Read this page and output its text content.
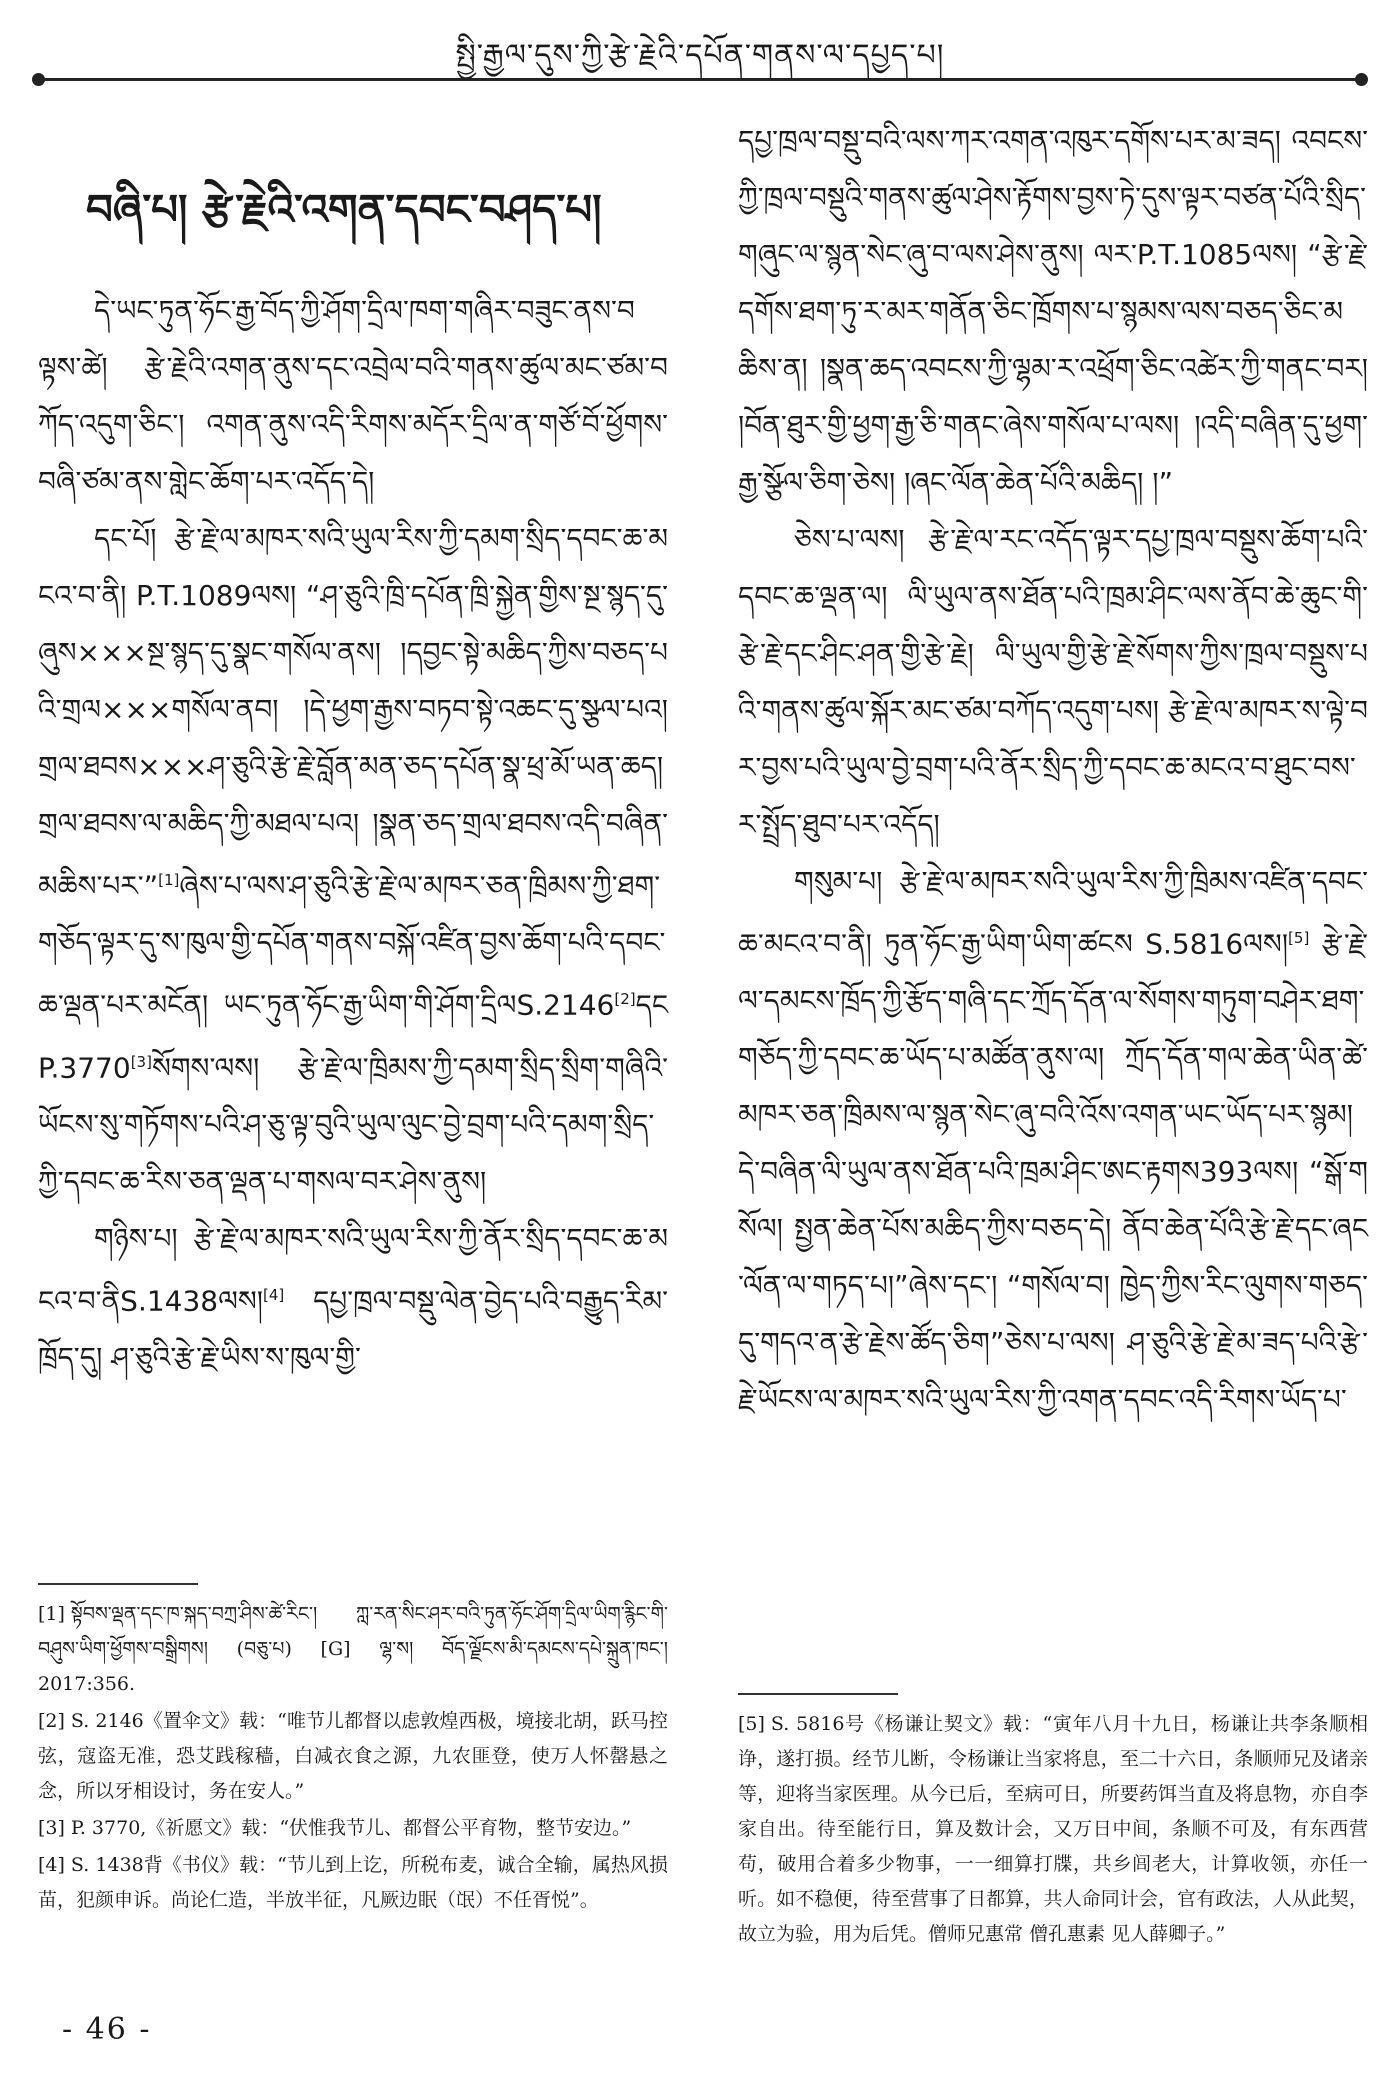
སྤྱི་རྒྱལ་དུས་ཀྱི་རྩེ་རྗེའི་དཔོན་གནས་ལ་དཔྱད་པ།
བཞི་པ། རྩེ་རྗེའི་འགན་དབང་བཤད་པ།

དེ་ཡང་ཏུན་ཧོང་རྒྱ་བོད་ཀྱི་ཤོག་དྲིལ་ཁག་གཞིར་བཟུང་ནས་བལྟས་ཚེ། རྩེ་རྗེའི་འགན་ནུས་དང་འབྲེལ་བའི་གནས་ཚུལ་མང་ཙམ་བཀོད་འདུག་ཅིང་། འགན་ནུས་འདི་རིགས་མདོར་དྲིལ་ན་གཙོ་བོ་ཕྱོགས་བཞི་ཙམ་ནས་གླེང་ཆོག་པར་འདོད་དེ།

དང་པོ། རྩེ་རྗེ་ལ་མཁར་སའི་ཡུལ་རིས་ཀྱི་དམག་སྲིད་དབང་ཆ་མངའ་བ་ནི། P.T.1089ལས། “ཤ་ཅུའི་ཁྲི་དཔོན་ཁྲི་སྐྱེན་གྱིས་སྔ་སྙད་དུ་ཞུས×××སྔ་སྙད་དུ་སྣང་གསོལ་ནས། །དབྱང་སྟེ་མཆིད་ཀྱིས་བཅད་པའི་གྲལ×××གསོལ་ནབ། །དེ་ཕྱག་རྒྱས་བཏབ་སྟེ་འཆང་དུ་སྩལ་པའ། གྲལ་ཐབས×××ཤ་ཅུའི་རྩེ་རྗེ་བློན་མན་ཅད་དཔོན་སྣ་ཕྲ་མོ་ཡན་ཆད། གྲལ་ཐབས་ལ་མཆིད་ཀྱི་མཐལ་པའ། །སྣན་ཅད་གྲལ་ཐབས་འདི་བཞིན་མཆིས་པར་”[1]ཞེས་པ་ལས་ཤ་ཅུའི་རྩེ་རྗེ་ལ་མཁར་ཅན་ཁྲིམས་ཀྱི་ཐག་གཅོད་ལྟར་དུ་ས་ཁུལ་གྱི་དཔོན་གནས་བསྐོ་འཛིན་བྱས་ཆོག་པའི་དབང་ཆ་ལྡན་པར་མངོན། ཡང་ཏུན་ཧོང་རྒྱ་ཡིག་གི་ཤོག་དྲིལS.2146[2]དངP.3770[3]སོགས་ལས། རྩེ་རྗེ་ལ་ཁྲིམས་ཀྱི་དམག་སྲིད་སྲིག་གཞིའི་ཡོངས་སུ་གཏོགས་པའི་ཤ་ཅུ་ལྟ་བུའི་ཡུལ་ལུང་བྱེ་བྲག་པའི་དམག་སྲིད་ཀྱི་དབང་ཆ་རིས་ཅན་ལྡན་པ་གསལ་བར་ཤེས་ནུས།

གཉིས་པ། རྩེ་རྗེ་ལ་མཁར་སའི་ཡུལ་རིས་ཀྱི་ནོར་སྲིད་དབང་ཆ་མངའ་བ་ནིS.1438ལས།[4] དཔྱ་ཁྲལ་བསྡུ་ལེན་བྱེད་པའི་བརྒྱུད་རིམ་ཁྲོད་དུ། ཤ་ཅུའི་རྩེ་རྗེ་ཡིས་ས་ཁུལ་གྱི་

[1] སྟོབས་ལྡན་དང་ཁ་སྐད་བཀྲ་ཤིས་ཚེ་རིང་། ཀླ་རན་སིང་ཤར་བའི་ཏུན་ཧོང་ཤོག་དྲིལ་ཡིག་རྙིང་གི་བཤུས་ཡིག་ཕྱོགས་བསྒྲིགས། (བཅུ་པ) [G] ལྷ་ས། བོད་ལྗོངས་མི་དམངས་དཔེ་སྐྲུན་ཁང་། 2017:356.
[2] S. 2146《置伞文》载：“唯节儿都督以虑敦煌西极，境接北胡，跃马控弦，寇盗无准，恐艾践稼穑，白减衣食之源，九农匪登，使万人怀罄悬之念，所以牙相设讨，务在安人。”
[3] P. 3770,《祈愿文》载：“伏惟我节儿、都督公平育物，整节安边。”
[4] S. 1438背《书仪》载：“节儿到上讫，所税布麦，诚合全输，属热风损苗，犯颜申诉。尚论仁造，半放半征，凡厥边眠（氓）不任胥悦”。

དཔྱ་ཁྲལ་བསྡུ་བའི་ལས་ཀར་འགན་འཁུར་དགོས་པར་མ་ཟད། འབངས་ཀྱི་ཁྲལ་བསྡུའི་གནས་ཚུལ་ཤེས་རྟོགས་བྱས་ཏེ་དུས་ལྟར་བཙན་པོའི་སྲིད་གཞུང་ལ་སྙན་སེང་ཞུ་བ་ལས་ཤེས་ནུས། ལར་P.T.1085ལས། “རྩེ་རྗེ་དགོས་ཐག་ཏུ་ར་མར་གནོན་ཅིང་ཁྲོགས་པ་སྙམས་ལས་བཅད་ཅིང་མཆིས་ན། །སྣན་ཆད་འབངས་ཀྱི་ལྷམ་ར་འཕྲོག་ཅིང་འཚེར་ཀྱི་གནང་བར། །བོན་ཐུར་གྱི་ཕྱག་རྒྱ་ཅི་གནང་ཞེས་གསོལ་པ་ལས། །འདི་བཞིན་དུ་ཕྱག་རྒྱ་སྩོལ་ཅིག་ཅེས། །ཞང་ལོན་ཆེན་པོའི་མཆིད། །”

ཅེས་པ་ལས། རྩེ་རྗེ་ལ་རང་འདོད་ལྟར་དཔྱ་ཁྲལ་བསྡུས་ཆོག་པའི་དབང་ཆ་ལྡན་ལ། ལི་ཡུལ་ནས་ཐོན་པའི་ཁྲམ་ཤིང་ལས་ནོབ་ཆེ་ཆུང་གི་རྩེ་རྗེ་དང་ཤིང་ཤན་གྱི་རྩེ་རྗེ། ལི་ཡུལ་གྱི་རྩེ་རྗེ་སོགས་ཀྱིས་ཁྲལ་བསྡུས་པའི་གནས་ཚུལ་སྐོར་མང་ཙམ་བཀོད་འདུག་པས། རྩེ་རྗེ་ལ་མཁར་ས་ལྟེ་བར་བྱས་པའི་ཡུལ་བྱེ་བྲག་པའི་ནོར་སྲིད་ཀྱི་དབང་ཆ་མངའ་བ་ཐུང་བས་ར་སྤྲོད་ཐུབ་པར་འདོད།

གསུམ་པ། རྩེ་རྗེ་ལ་མཁར་སའི་ཡུལ་རིས་ཀྱི་ཁྲིམས་འཛིན་དབང་ཆ་མངའ་བ་ནི། ཏུན་ཧོང་རྒྱ་ཡིག་ཡིག་ཚངས S.5816ལས།[5] རྩེ་རྗེ་ལ་དམངས་ཁྲོད་ཀྱི་རྩོད་གཞི་དང་ཀྲོད་དོན་ལ་སོགས་གཏུག་བཤེར་ཐག་གཅོད་ཀྱི་དབང་ཆ་ཡོད་པ་མཚོན་ནུས་ལ། ཀྲོད་དོན་གལ་ཆེན་ཡིན་ཚེ་མཁར་ཅན་ཁྲིམས་ལ་སྙན་སེང་ཞུ་བའི་འོས་འགན་ཡང་ཡོད་པར་སྙམ། དེ་བཞིན་ལི་ཡུལ་ནས་ཐོན་པའི་ཁྲམ་ཤིང་ཨང་རྟགས393ལས། “སྒོ་གསོལ། སྤྱན་ཆེན་པོས་མཆིད་ཀྱིས་བཅད་དེ། ནོབ་ཆེན་པོའི་རྩེ་རྗེ་དང་ཞང་ལོན་ལ་གཏད་པ།”ཞེས་དང་། “གསོལ་བ། ཁྱེད་ཀྱིས་རིང་ལུགས་གཅད་དུ་གདའ་ན་རྩེ་རྗེས་ཚོད་ཅིག”ཅེས་པ་ལས། ཤ་ཅུའི་རྩེ་རྗེ་མ་ཟད་པའི་རྩེ་རྗེ་ཡོངས་ལ་མཁར་སའི་ཡུལ་རིས་ཀྱི་འགན་དབང་འདི་རིགས་ཡོད་པ་

[5] S. 5816号《杨谦让契文》载：“寅年八月十九日，杨谦让共李条顺相诤，遂打损。经节儿断，令杨谦让当家将息，至二十六日，条顺师兄及诸亲等，迎将当家医理。从今已后，至病可日，所要药饵当直及将息物，亦自李家自出。待至能行日，算及数计会，又万日中间，条顺不可及，有东西营苟，破用合着多少物事，一一细算打牒，共乡闾老大，计算收领，亦任一听。如不稳便，待至营事了日都算，共人命同计会，官有政法，人从此契，故立为验，用为后凭。僧师兄惠常 僧孔惠素 见人薛卿子。”
- 46 -
